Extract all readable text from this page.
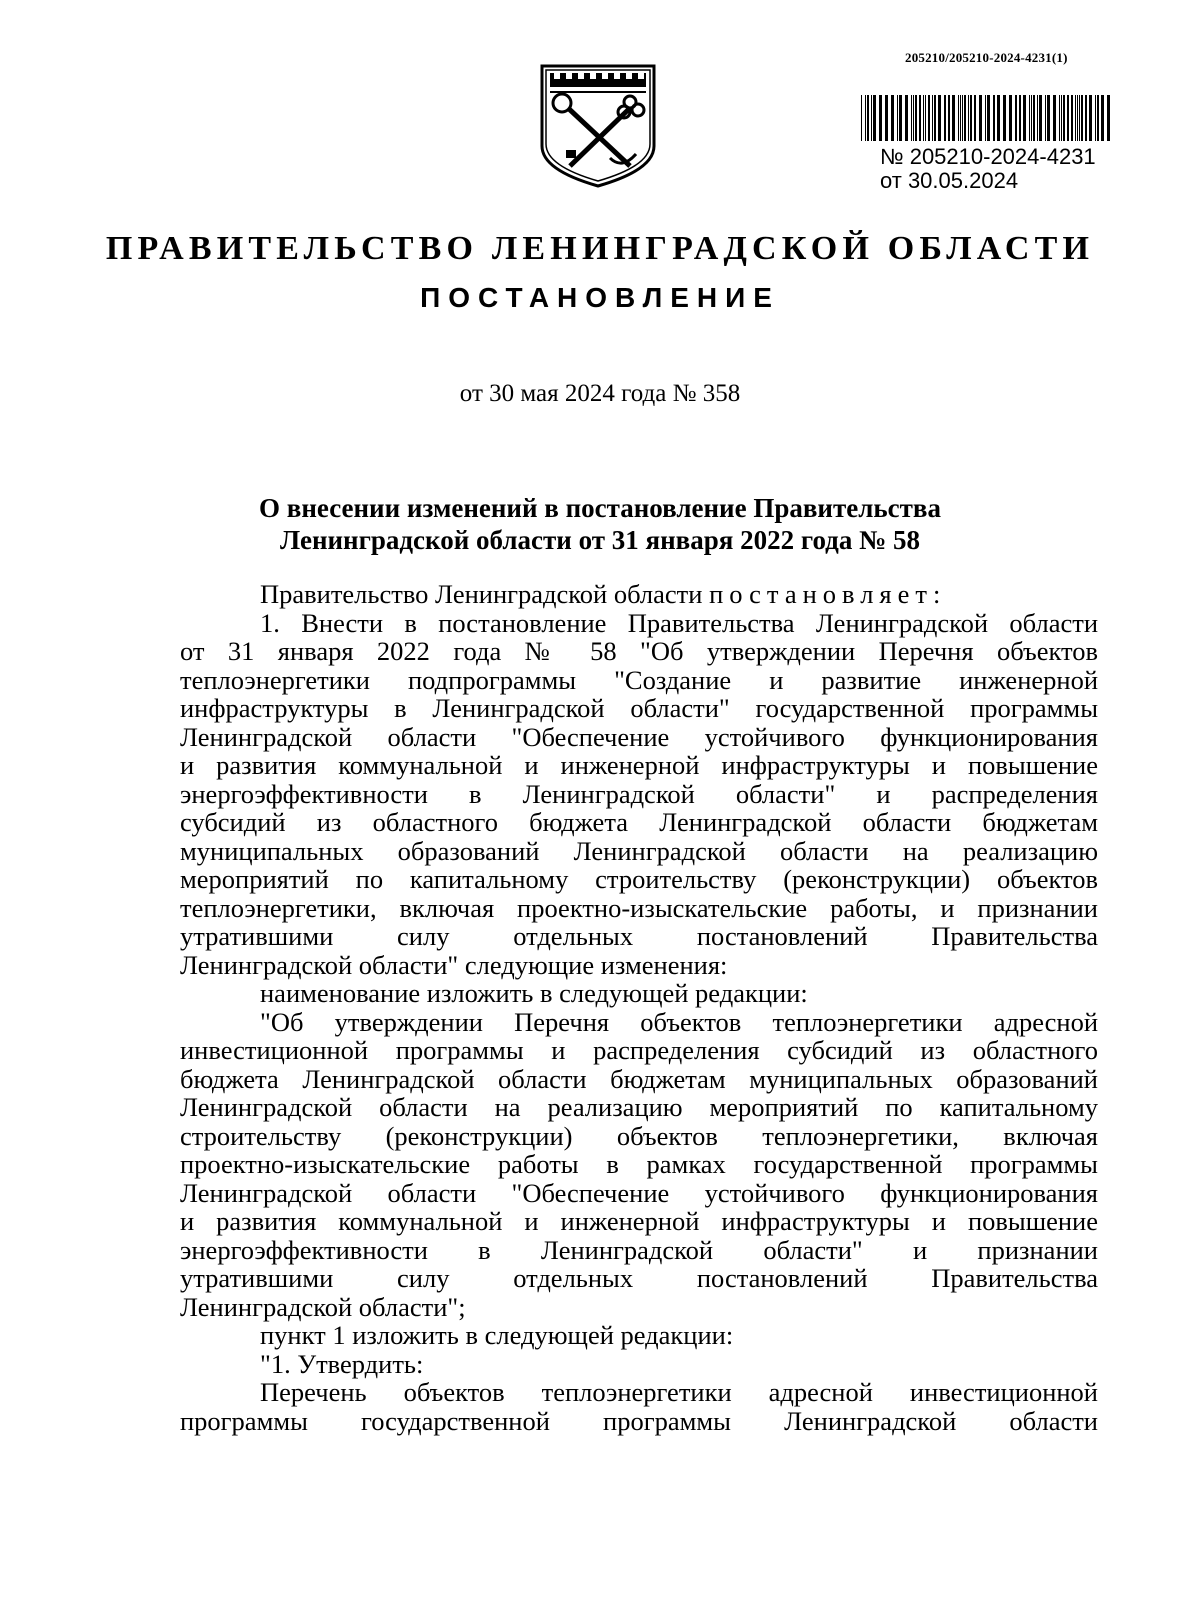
205210/205210-2024-4231(1)
№ 205210-2024-4231
от 30.05.2024
ПРАВИТЕЛЬСТВО ЛЕНИНГРАДСКОЙ ОБЛАСТИ
ПОСТАНОВЛЕНИЕ
от 30 мая 2024 года № 358
О внесении изменений в постановление Правительства
Ленинградской области от 31 января 2022 года № 58

Правительство Ленинградской области постановляет:

1. Внести в постановление Правительства Ленинградской области
от 31 января 2022 года № 58 "Об утверждении Перечня объектов
теплоэнергетики подпрограммы "Создание и развитие инженерной
инфраструктуры в Ленинградской области" государственной программы
Ленинградской области "Обеспечение устойчивого функционирования
и развития коммунальной и инженерной инфраструктуры и повышение
энергоэффективности в Ленинградской области" и распределения
субсидий из областного бюджета Ленинградской области бюджетам
муниципальных образований Ленинградской области на реализацию
мероприятий по капитальному строительству (реконструкции) объектов
теплоэнергетики, включая проектно-изыскательские работы, и признании
утратившими силу отдельных постановлений Правительства
Ленинградской области" следующие изменения:

наименование изложить в следующей редакции:

"Об утверждении Перечня объектов теплоэнергетики адресной
инвестиционной программы и распределения субсидий из областного
бюджета Ленинградской области бюджетам муниципальных образований
Ленинградской области на реализацию мероприятий по капитальному
строительству (реконструкции) объектов теплоэнергетики, включая
проектно-изыскательские работы в рамках государственной программы
Ленинградской области "Обеспечение устойчивого функционирования
и развития коммунальной и инженерной инфраструктуры и повышение
энергоэффективности в Ленинградской области" и признании
утратившими силу отдельных постановлений Правительства
Ленинградской области";

пункт 1 изложить в следующей редакции:

"1. Утвердить:

Перечень объектов теплоэнергетики адресной инвестиционной
программы государственной программы Ленинградской области
